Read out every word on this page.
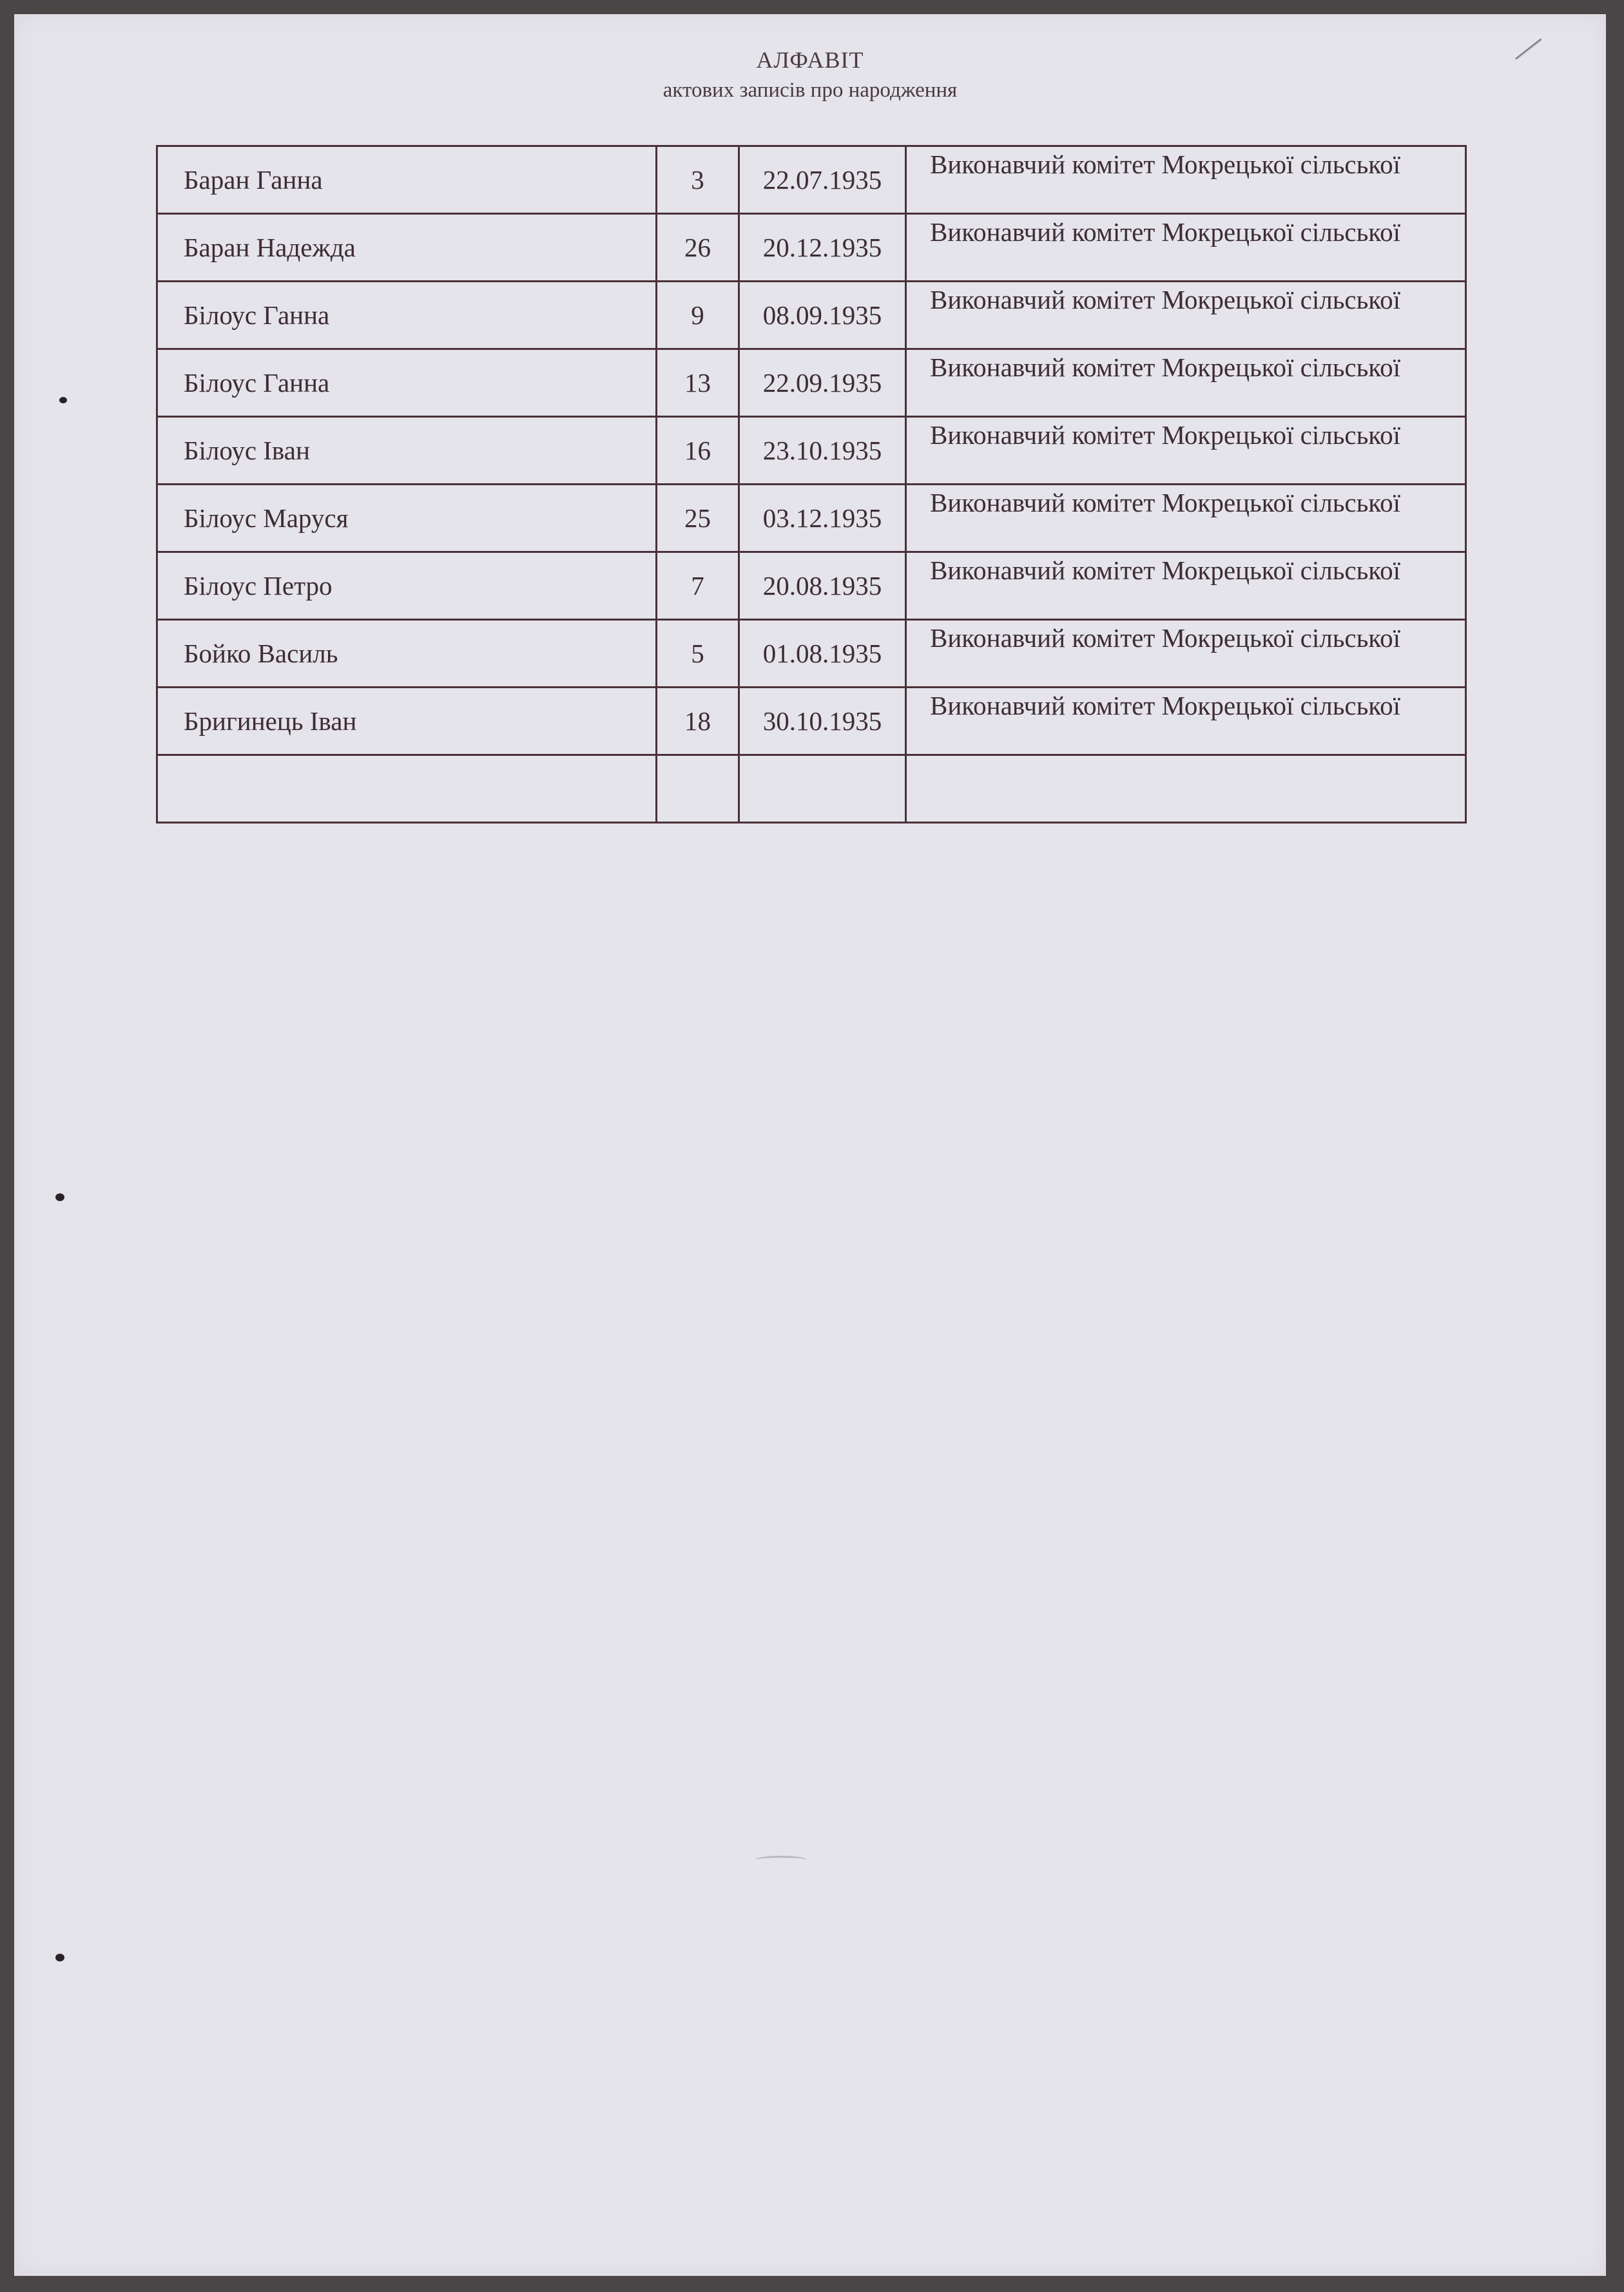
АЛФАВІТ
актових записів про народження
Баран Ганна	3	22.07.1935	Виконавчий комітет Мокрецької сільської

Баран Надежда	26	20.12.1935	Виконавчий комітет Мокрецької сільської

Білоус Ганна	9	08.09.1935	Виконавчий комітет Мокрецької сільської

Білоус Ганна	13	22.09.1935	Виконавчий комітет Мокрецької сільської

Білоус Іван	16	23.10.1935	Виконавчий комітет Мокрецької сільської

Білоус Маруся	25	03.12.1935	Виконавчий комітет Мокрецької сільської

Білоус Петро	7	20.08.1935	Виконавчий комітет Мокрецької сільської

Бойко Василь	5	01.08.1935	Виконавчий комітет Мокрецької сільської

Бригинець Іван	18	30.10.1935	Виконавчий комітет Мокрецької сільської
